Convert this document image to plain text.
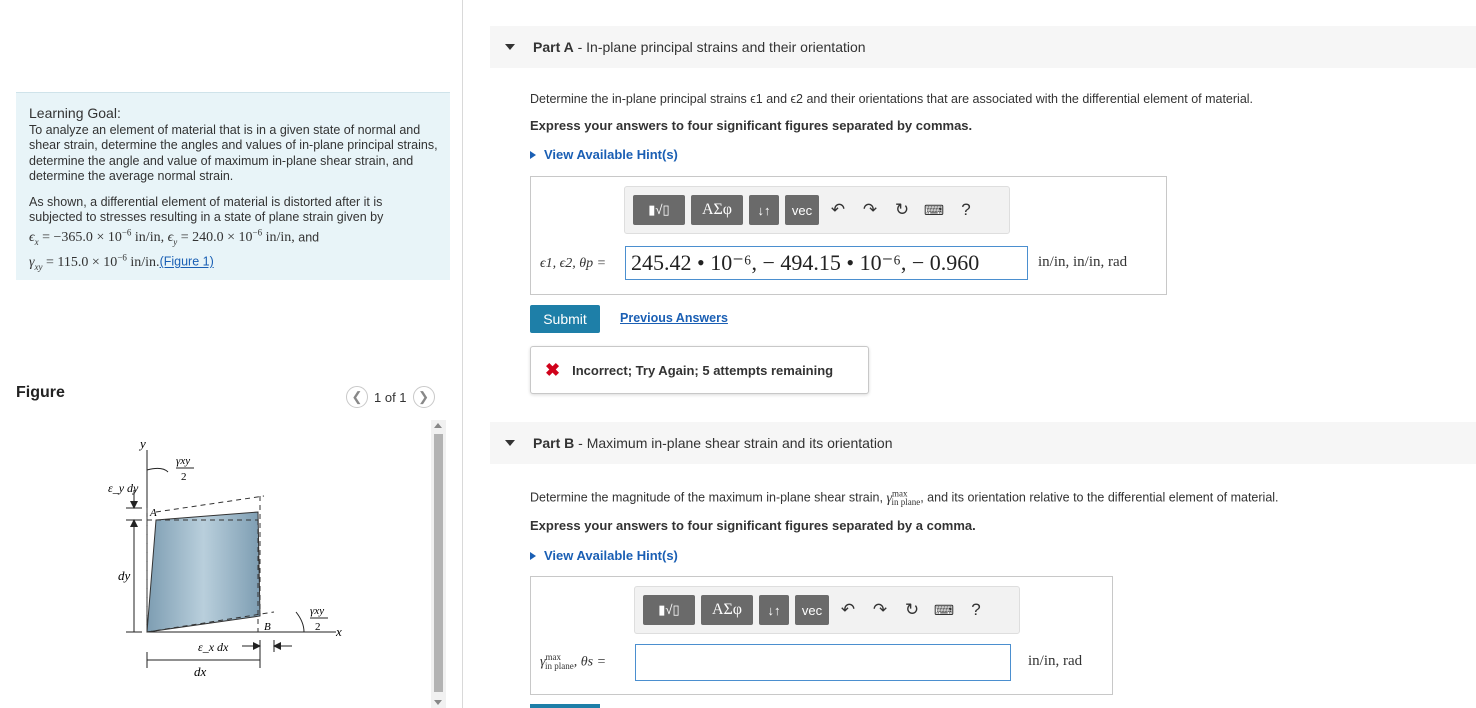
Learning Goal:
To analyze an element of material that is in a given state of normal and shear strain, determine the angles and values of in-plane principal strains, determine the angle and value of maximum in-plane shear strain, and determine the average normal strain.

As shown, a differential element of material is distorted after it is
subjected to stresses resulting in a state of plane strain given by
$\epsilon_x = -365.0 \times 10^{-6}$ in/in, $\epsilon_y = 240.0 \times 10^{-6}$ in/in, and
$\gamma_{xy} = 115.0 \times 10^{-6}$ in/in.(Figure 1)

Figure	❮ 1 of 1 ❯
y
x
A
B
dy
dx
ε_y dy
ε_x dx
γxy
2
γxy
2
Part A - In-plane principal strains and their orientation
Determine the in-plane principal strains ϵ1 and ϵ2 and their orientations that are associated with the differential element of material.
Express your answers to four significant figures separated by commas.
View Available Hint(s)
▮√▯	ΑΣφ	↓↑	vec	↶	↷	↻	⌨	?
ϵ1, ϵ2, θp = 245.42 • 10⁻⁶, − 494.15 • 10⁻⁶, − 0.960	in/in, in/in, rad
Submit	Previous Answers
✖ Incorrect; Try Again; 5 attempts remaining
Part B - Maximum in-plane shear strain and its orientation
Determine the magnitude of the maximum in-plane shear strain, $\gamma^{max}_{in plane}$, and its orientation relative to the differential element of material.
Express your answers to four significant figures separated by a comma.
View Available Hint(s)
▮√▯	ΑΣφ	↓↑	vec	↶	↷	↻	⌨	?
$\gamma^{max}_{in plane}$, θs =	in/in, rad
